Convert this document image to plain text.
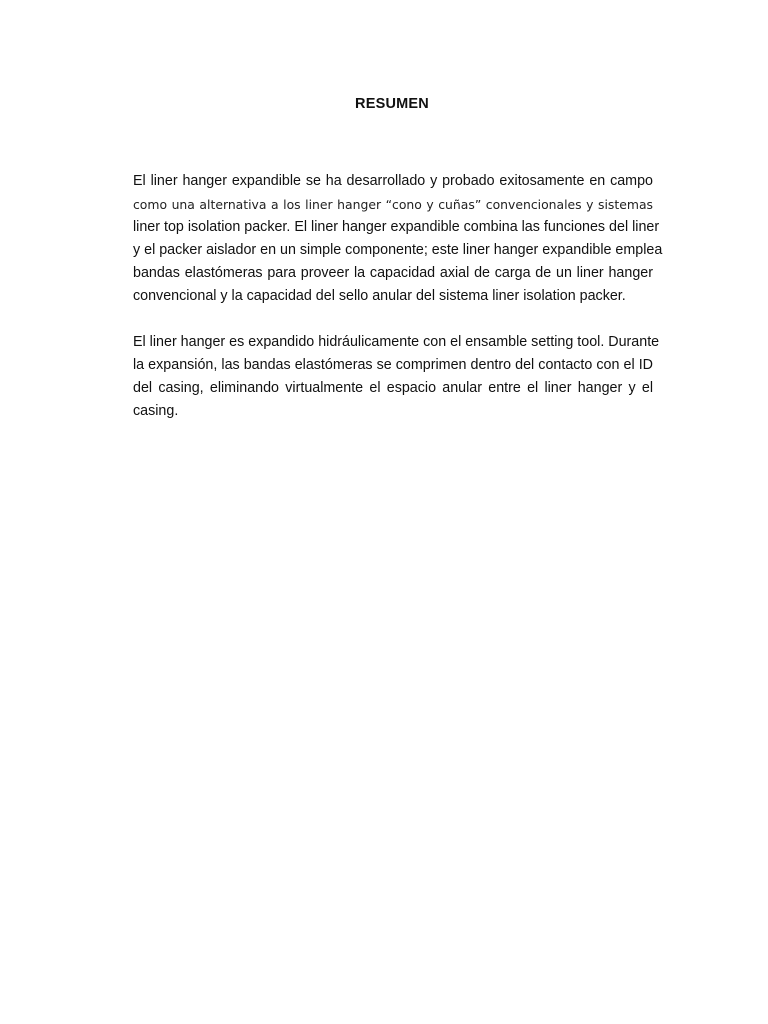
RESUMEN
El liner hanger expandible se ha desarrollado y probado exitosamente en campo
como una alternativa a los liner hanger “cono y cuñas” convencionales y sistemas
liner top isolation packer. El liner hanger expandible combina las funciones del liner
y el packer aislador en un simple componente; este liner hanger expandible emplea
bandas elastómeras para proveer la capacidad axial de carga de un liner hanger
convencional y la capacidad del sello anular del sistema liner isolation packer.
El liner hanger es expandido hidráulicamente con el ensamble setting tool. Durante
la expansión, las bandas elastómeras se comprimen dentro del contacto con el ID
del casing, eliminando virtualmente el espacio anular entre el liner hanger y el
casing.
